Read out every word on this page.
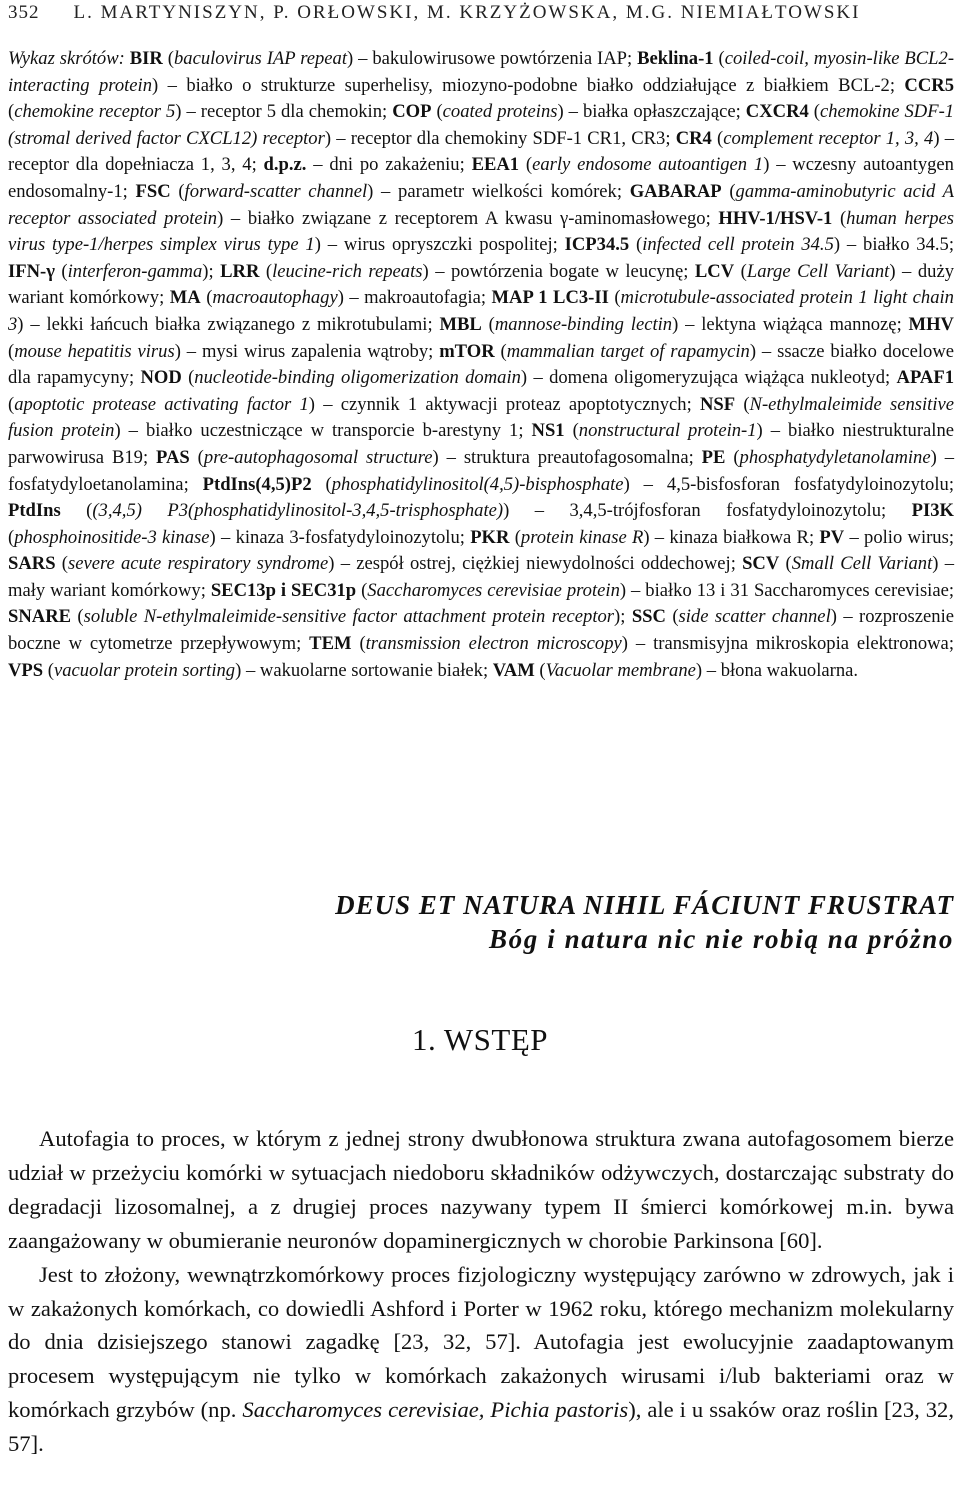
352 L. MARTYNISZYN, P. ORŁOWSKI, M. KRZYŻOWSKA, M.G. NIEMIAŁTOWSKI
Wykaz skrótów: BIR (baculovirus IAP repeat) – bakulowirusowe powtórzenia IAP; Beklina-1 (coiled-coil, myosin-like BCL2-interacting protein) – białko o strukturze superhelisy, miozyno-podobne białko oddziałujące z białkiem BCL-2; CCR5 (chemokine receptor 5) – receptor 5 dla chemokin; COP (coated proteins) – białka opłaszczające; CXCR4 (chemokine SDF-1 (stromal derived factor CXCL12) receptor) – receptor dla chemokiny SDF-1 CR1, CR3; CR4 (complement receptor 1, 3, 4) – receptor dla dopełniacza 1, 3, 4; d.p.z. – dni po zakażeniu; EEA1 (early endosome autoantigen 1) – wczesny autoantygen endosomalny-1; FSC (forward-scatter channel) – parametr wielkości komórek; GABARAP (gamma-aminobutyric acid A receptor associated protein) – białko związane z receptorem A kwasu γ-aminomasłowego; HHV-1/HSV-1 (human herpes virus type-1/herpes simplex virus type 1) – wirus opryszczki pospolitej; ICP34.5 (infected cell protein 34.5) – białko 34.5; IFN-γ (interferon-gamma); LRR (leucine-rich repeats) – powtórzenia bogate w leucynę; LCV (Large Cell Variant) – duży wariant komórkowy; MA (macroautophagy) – makroautofagia; MAP 1 LC3-II (microtubule-associated protein 1 light chain 3) – lekki łańcuch białka związanego z mikrotubulami; MBL (mannose-binding lectin) – lektyna wiążąca mannozę; MHV (mouse hepatitis virus) – mysi wirus zapalenia wątroby; mTOR (mammalian target of rapamycin) – ssacze białko docelowe dla rapamycyny; NOD (nucleotide-binding oligomerization domain) – domena oligomeryzująca wiążąca nukleotyd; APAF1 (apoptotic protease activating factor 1) – czynnik 1 aktywacji proteaz apoptotycznych; NSF (N-ethylmaleimide sensitive fusion protein) – białko uczestniczące w transporcie b-arestyny 1; NS1 (nonstructural protein-1) – białko niestrukturalne parwowirusa B19; PAS (pre-autophagosomal structure) – struktura preautofagosomalna; PE (phosphatydyletanolamine) – fosfatydyloetanolamina; PtdIns(4,5)P2 (phosphatidylinositol(4,5)-bisphosphate) – 4,5-bisfosforan fosfatydyloinozytolu; PtdIns ((3,4,5) P3(phosphatidylinositol-3,4,5-trisphosphate)) – 3,4,5-trójfosforan fosfatydyloinozytolu; PI3K (phosphoinositide-3 kinase) – kinaza 3-fosfatydyloinozytolu; PKR (protein kinase R) – kinaza białkowa R; PV – polio wirus; SARS (severe acute respiratory syndrome) – zespół ostrej, ciężkiej niewydolności oddechowej; SCV (Small Cell Variant) – mały wariant komórkowy; SEC13p i SEC31p (Saccharomyces cerevisiae protein) – białko 13 i 31 Saccharomyces cerevisiae; SNARE (soluble N-ethylmaleimide-sensitive factor attachment protein receptor); SSC (side scatter channel) – rozproszenie boczne w cytometrze przepływowym; TEM (transmission electron microscopy) – transmisyjna mikroskopia elektronowa; VPS (vacuolar protein sorting) – wakuolarne sortowanie białek; VAM (Vacuolar membrane) – błona wakuolarna.
DEUS ET NATURA NIHIL FÁCIUNT FRUSTRAT
Bóg i natura nic nie robią na próżno
1. WSTĘP

Autofagia to proces, w którym z jednej strony dwubłonowa struktura zwana autofagosomem bierze udział w przeżyciu komórki w sytuacjach niedoboru składników odżywczych, dostarczając substraty do degradacji lizosomalnej, a z drugiej proces nazywany typem II śmierci komórkowej m.in. bywa zaangażowany w obumieranie neuronów dopaminergicznych w chorobie Parkinsona [60].

Jest to złożony, wewnątrzkomórkowy proces fizjologiczny występujący zarówno w zdrowych, jak i w zakażonych komórkach, co dowiedli Ashford i Porter w 1962 roku, którego mechanizm molekularny do dnia dzisiejszego stanowi zagadkę [23, 32, 57]. Autofagia jest ewolucyjnie zaadaptowanym procesem występującym nie tylko w komórkach zakażonych wirusami i/lub bakteriami oraz w komórkach grzybów (np. Saccharomyces cerevisiae, Pichia pastoris), ale i u ssaków oraz roślin [23, 32, 57].
